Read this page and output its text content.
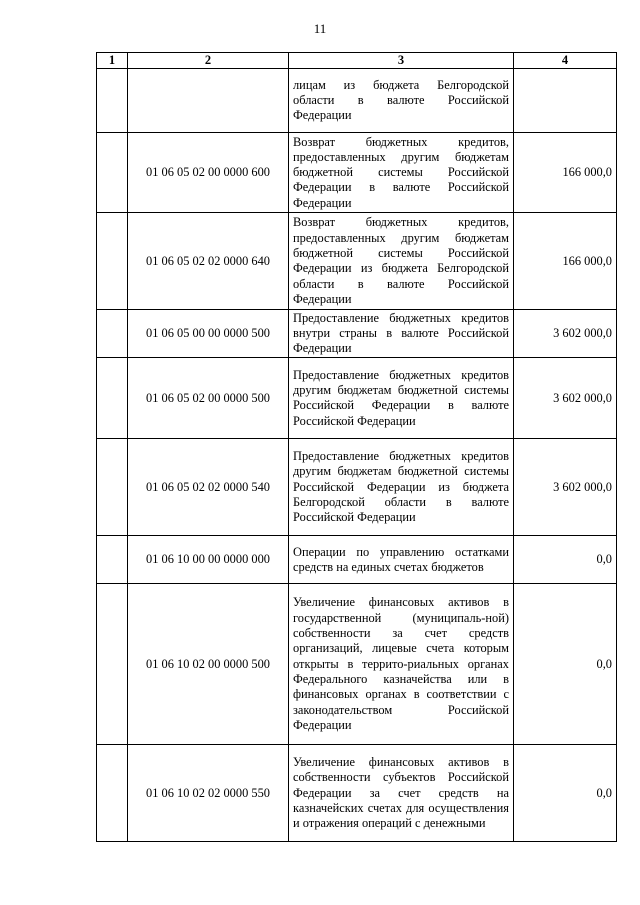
11
1	2	3	4
		лицам из бюджета Белгородской области в валюте Российской Федерации	
	01 06 05 02 00 0000 600	Возврат бюджетных кредитов, предоставленных другим бюджетам бюджетной системы Российской Федерации в валюте Российской Федерации	166 000,0
	01 06 05 02 02 0000 640	Возврат бюджетных кредитов, предоставленных другим бюджетам бюджетной системы Российской Федерации из бюджета Белгородской области в валюте Российской Федерации	166 000,0
	01 06 05 00 00 0000 500	Предоставление бюджетных кредитов внутри страны в валюте Российской Федерации	3 602 000,0
	01 06 05 02 00 0000 500	Предоставление бюджетных кредитов другим бюджетам бюджетной системы Российской Федерации в валюте Российской Федерации	3 602 000,0
	01 06 05 02 02 0000 540	Предоставление бюджетных кредитов другим бюджетам бюджетной системы Российской Федерации из бюджета Белгородской области в валюте Российской Федерации	3 602 000,0
	01 06 10 00 00 0000 000	Операции по управлению остатками средств на единых счетах бюджетов	0,0
	01 06 10 02 00 0000 500	Увеличение финансовых активов в государственной (муниципаль-ной) собственности за счет средств организаций, лицевые счета которым открыты в террито-риальных органах Федерального казначейства или в финансовых органах в соответствии с законодательством Российской Федерации	0,0
	01 06 10 02 02 0000 550	Увеличение финансовых активов в собственности субъектов Российской Федерации за счет средств на казначейских счетах для осуществления и отражения операций с денежными	0,0
